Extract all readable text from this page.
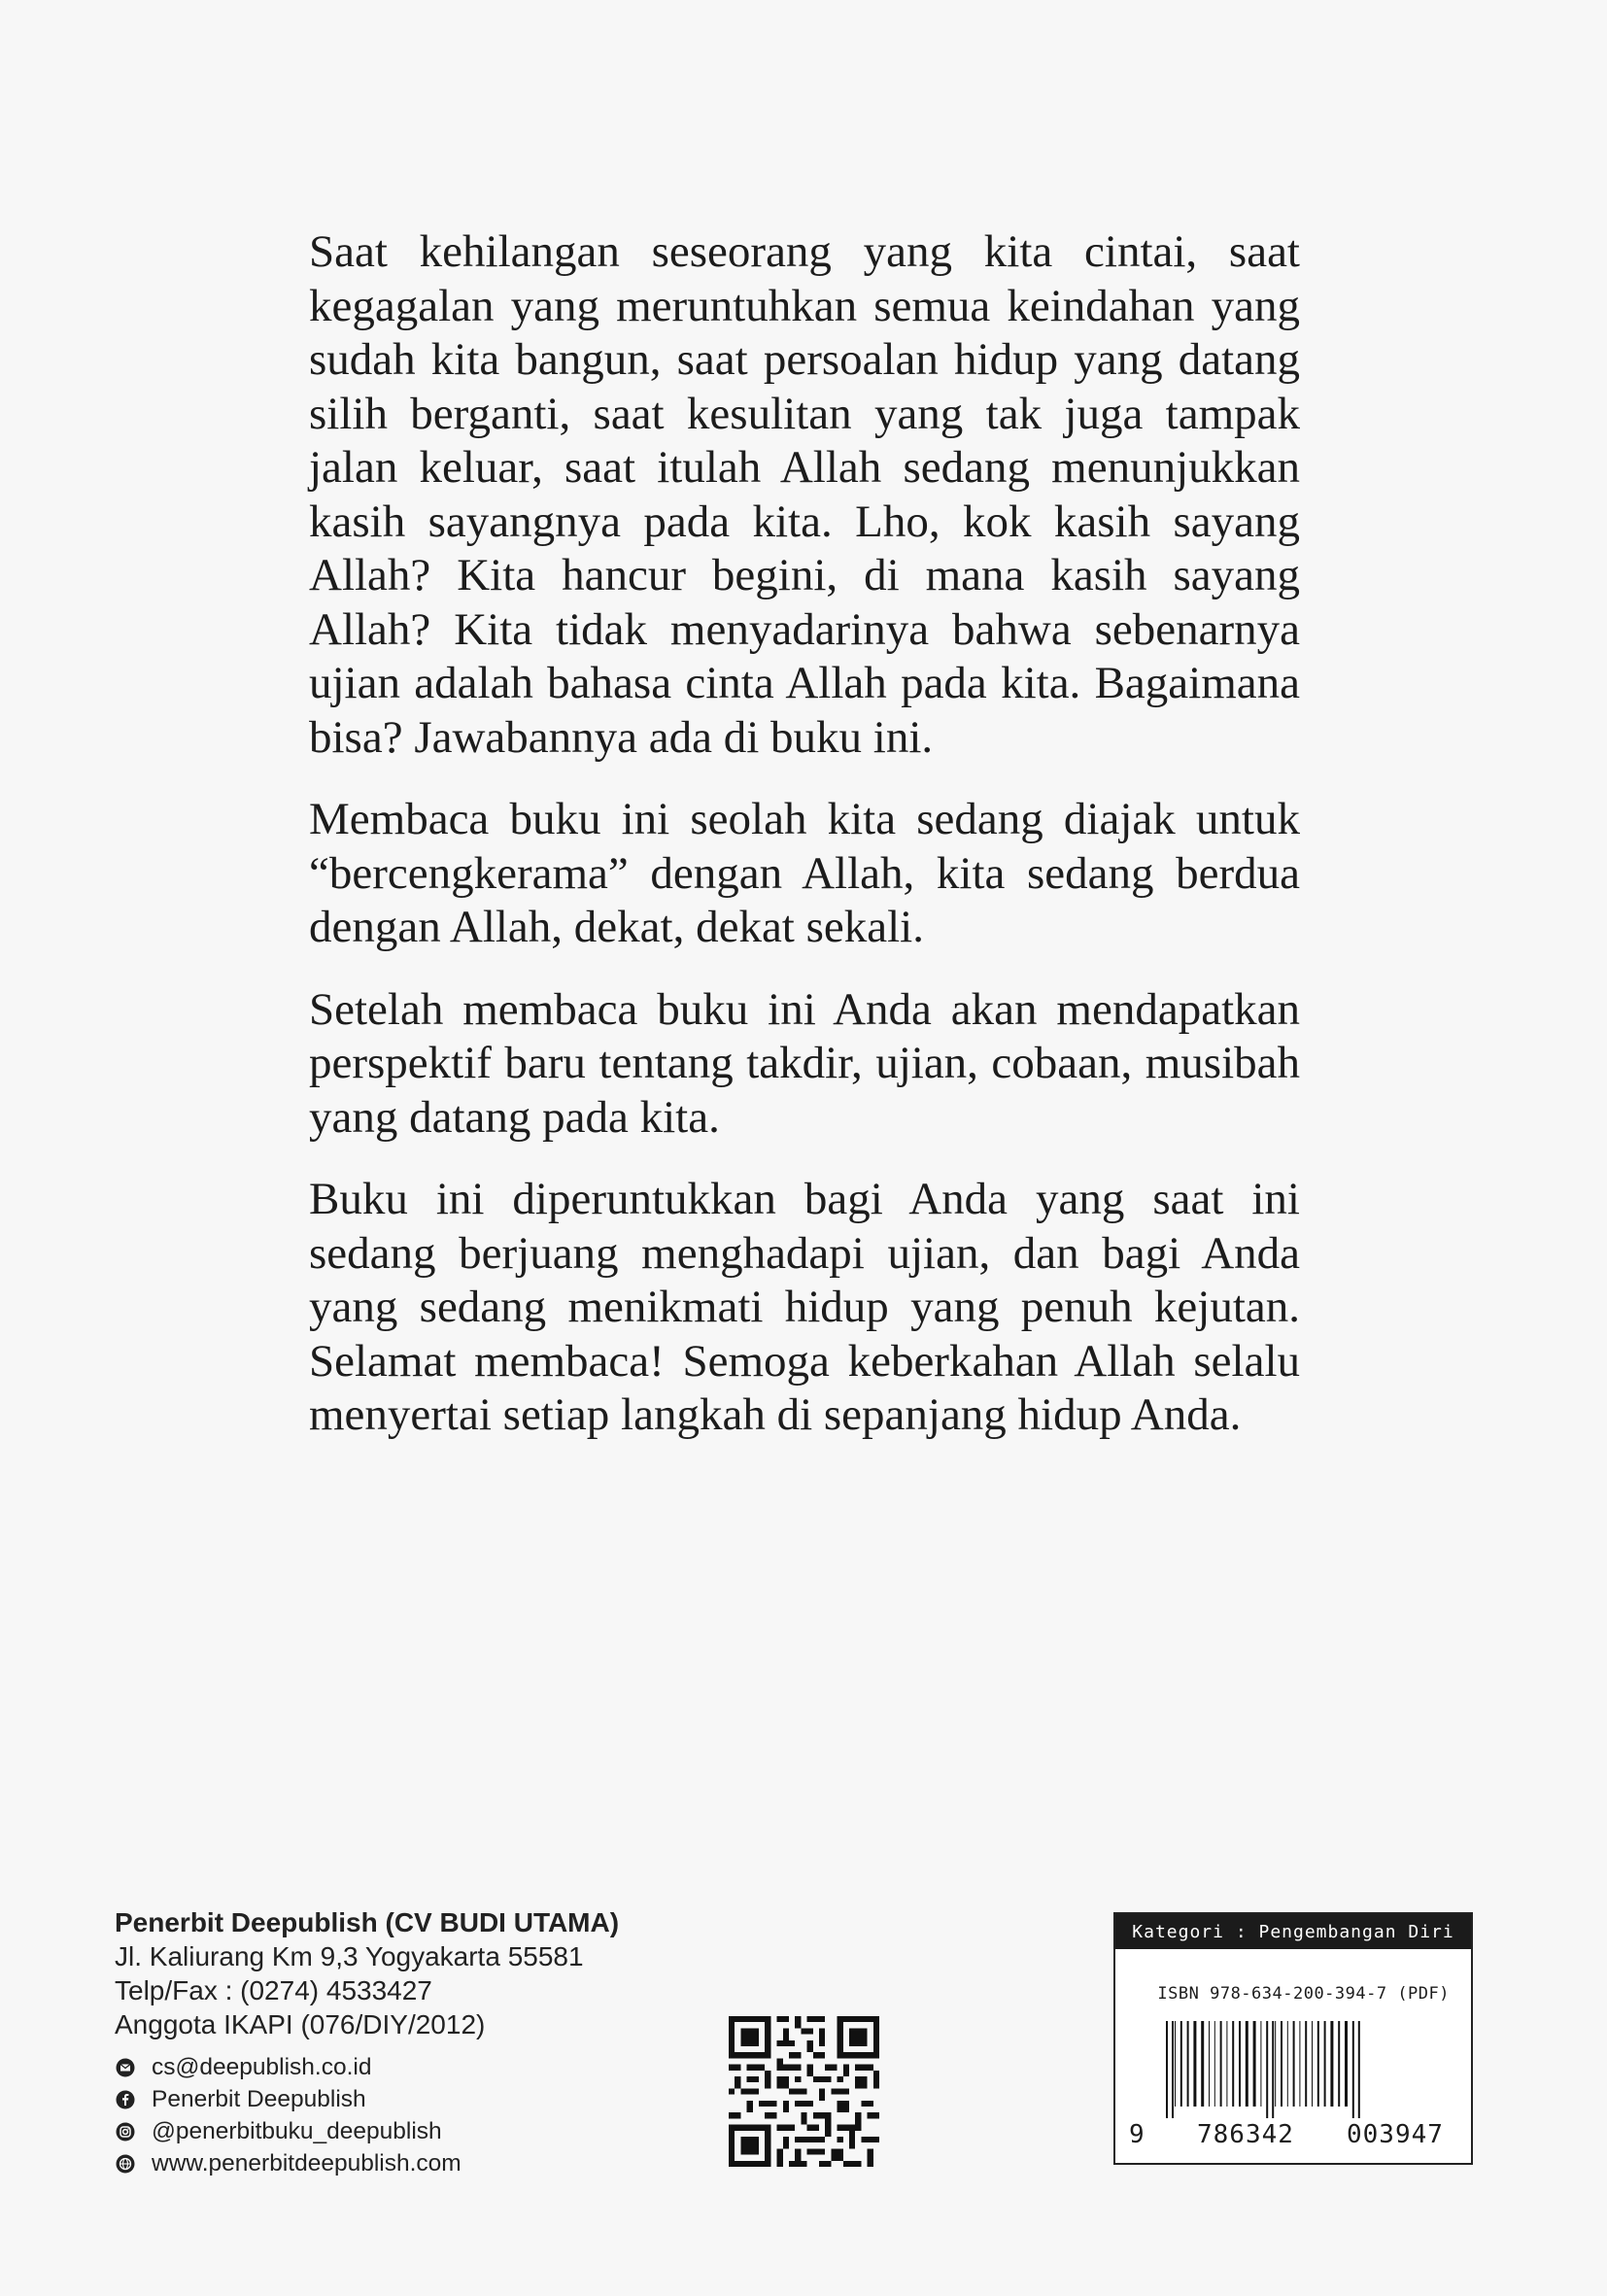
Saat kehilangan seseorang yang kita cintai, saat kegagalan yang meruntuhkan semua keindahan yang sudah kita bangun, saat persoalan hidup yang datang silih berganti, saat kesulitan yang tak juga tampak jalan keluar, saat itulah Allah sedang menunjukkan kasih sayangnya pada kita. Lho, kok kasih sayang Allah? Kita hancur begini, di mana kasih sayang Allah? Kita tidak menyadarinya bahwa sebenarnya ujian adalah bahasa cinta Allah pada kita. Bagaimana bisa? Jawabannya ada di buku ini.

Membaca buku ini seolah kita sedang diajak untuk “bercengkerama” dengan Allah, kita sedang berdua dengan Allah, dekat, dekat sekali.

Setelah membaca buku ini Anda akan mendapatkan perspektif baru tentang takdir, ujian, cobaan, musibah yang datang pada kita.

Buku ini diperuntukkan bagi Anda yang saat ini sedang berjuang menghadapi ujian, dan bagi Anda yang sedang menikmati hidup yang penuh kejutan. Selamat membaca! Semoga keberkahan Allah selalu menyertai setiap langkah di sepanjang hidup Anda.

Penerbit Deepublish (CV BUDI UTAMA)
Jl. Kaliurang Km 9,3 Yogyakarta 55581
Telp/Fax : (0274) 4533427
Anggota IKAPI (076/DIY/2012)
cs@deepublish.co.id
Penerbit Deepublish
@penerbitbuku_deepublish
www.penerbitdeepublish.com
Kategori : Pengembangan Diri
ISBN 978-634-200-394-7 (PDF)
9 786342 003947
